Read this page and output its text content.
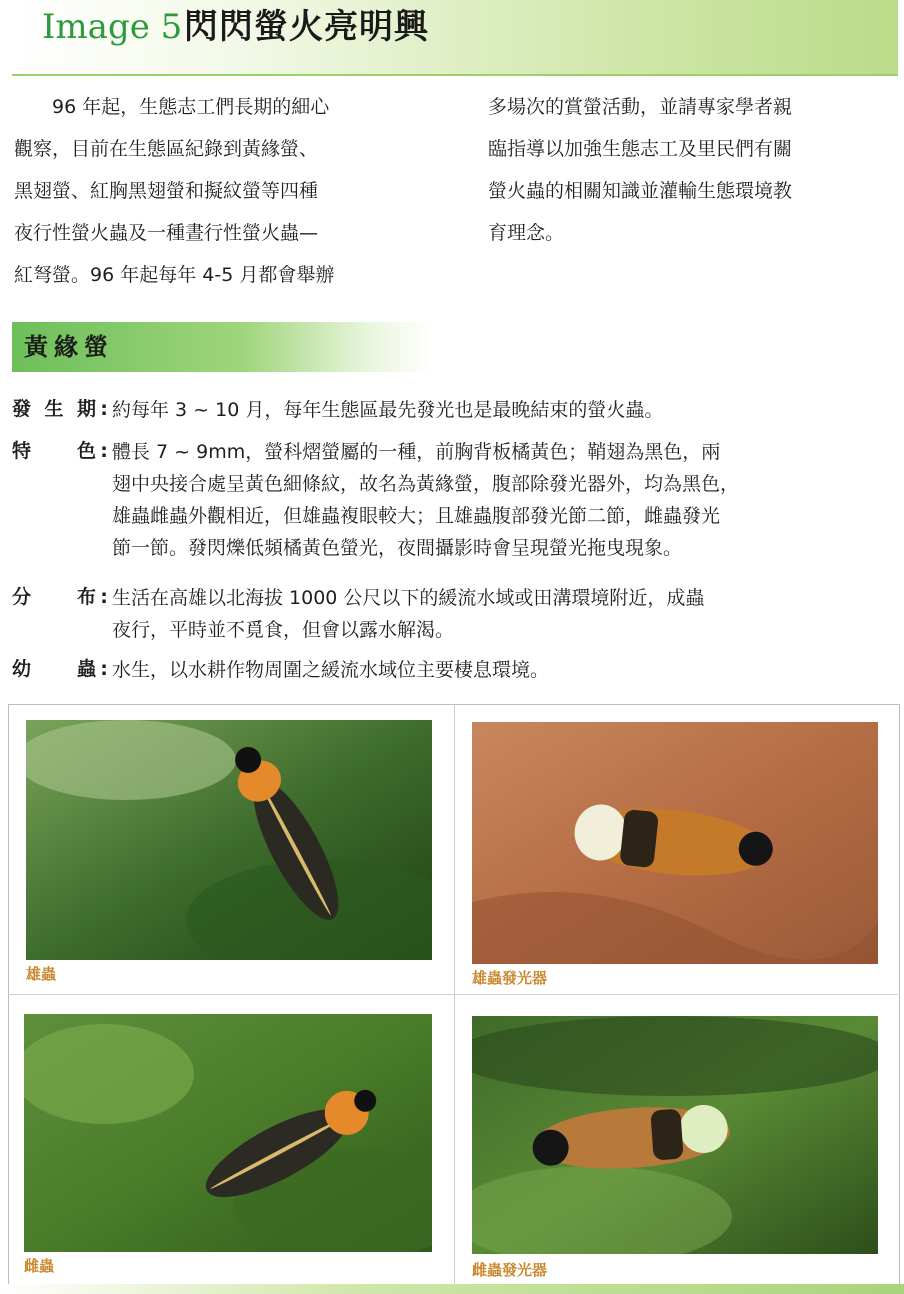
Image 5 閃閃螢火亮明興
　　96 年起，生態志工們長期的細心
觀察，目前在生態區紀錄到黃緣螢、
黑翅螢、紅胸黑翅螢和擬紋螢等四種
夜行性螢火蟲及一種晝行性螢火蟲—
紅弩螢。96 年起每年 4-5 月都會舉辦
多場次的賞螢活動，並請專家學者親
臨指導以加強生態志工及里民們有關
螢火蟲的相關知識並灌輸生態環境教
育理念。
黃緣螢
發生期 : 約每年 3 ~ 10 月，每年生態區最先發光也是最晚結束的螢火蟲。
特色 : 體長 7 ~ 9mm，螢科熠螢屬的一種，前胸背板橘黃色；鞘翅為黑色，兩
翅中央接合處呈黃色細條紋，故名為黃緣螢，腹部除發光器外，均為黑色，
雄蟲雌蟲外觀相近，但雄蟲複眼較大；且雄蟲腹部發光節二節，雌蟲發光
節一節。發閃爍低頻橘黃色螢光，夜間攝影時會呈現螢光拖曳現象。
分布 : 生活在高雄以北海拔 1000 公尺以下的緩流水域或田溝環境附近，成蟲
夜行，平時並不覓食，但會以露水解渴。
幼蟲 : 水生，以水耕作物周圍之緩流水域位主要棲息環境。
雄蟲	雄蟲發光器
雌蟲	雌蟲發光器
